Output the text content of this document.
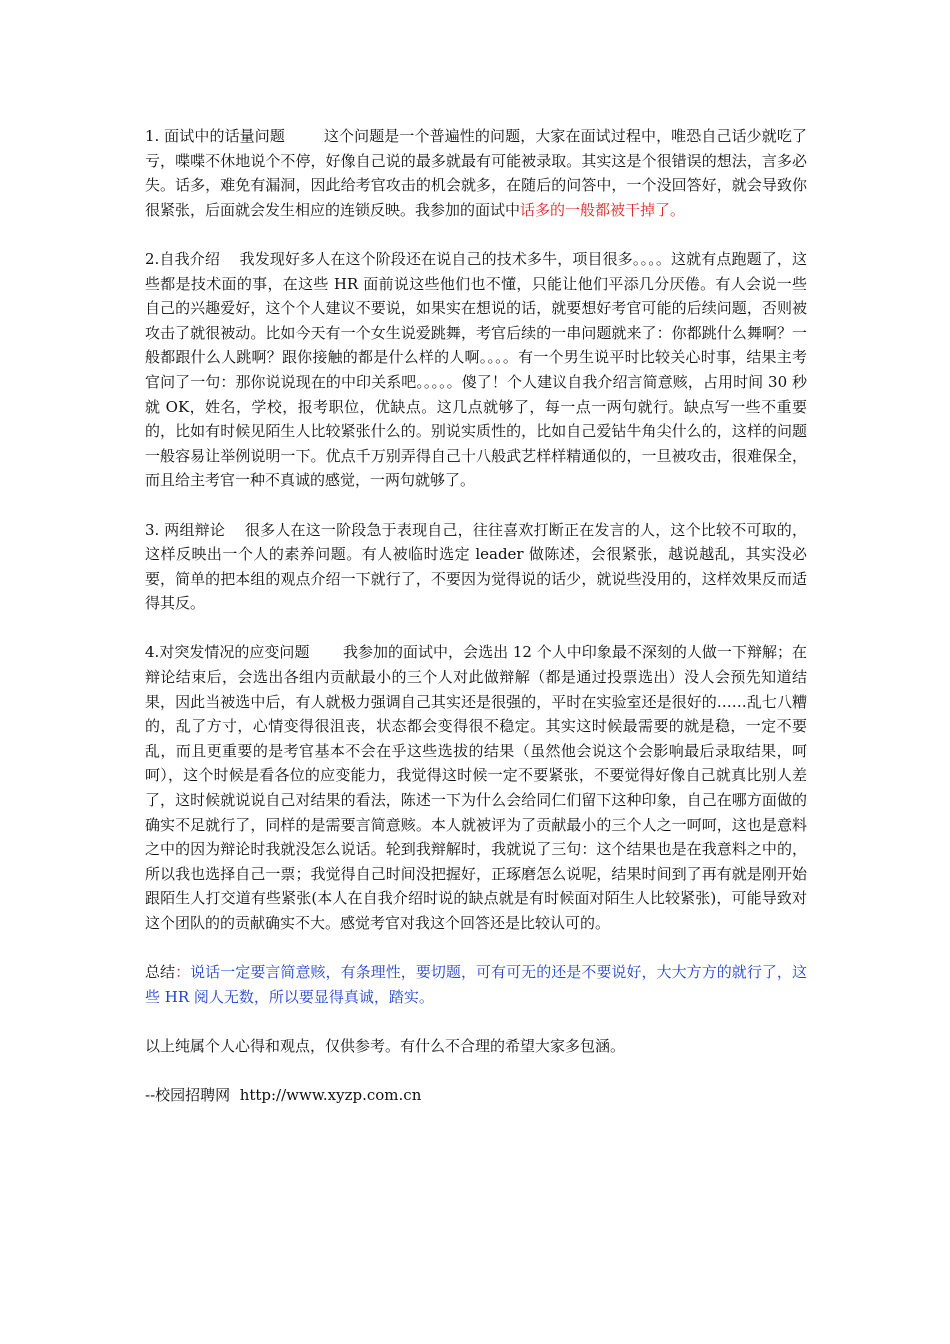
1. 面试中的话量问题	这个问题是一个普遍性的问题，大家在面试过程中，唯恐自己话少就吃了亏，喋喋不休地说个不停，好像自己说的最多就最有可能被录取。其实这是个很错误的想法，言多必失。话多，难免有漏洞，因此给考官攻击的机会就多，在随后的问答中，一个没回答好，就会导致你很紧张，后面就会发生相应的连锁反映。我参加的面试中话多的一般都被干掉了。

2.自我介绍 我发现好多人在这个阶段还在说自己的技术多牛，项目很多。。。。这就有点跑题了，这些都是技术面的事，在这些 HR 面前说这些他们也不懂，只能让他们平添几分厌倦。有人会说一些自己的兴趣爱好，这个个人建议不要说，如果实在想说的话，就要想好考官可能的后续问题，否则被攻击了就很被动。比如今天有一个女生说爱跳舞，考官后续的一串问题就来了：你都跳什么舞啊？一般都跟什么人跳啊？跟你接触的都是什么样的人啊。。。。有一个男生说平时比较关心时事，结果主考官问了一句：那你说说现在的中印关系吧。。。。。傻了！个人建议自我介绍言简意赅，占用时间 30 秒就 OK，姓名，学校，报考职位，优缺点。这几点就够了，每一点一两句就行。缺点写一些不重要的，比如有时候见陌生人比较紧张什么的。别说实质性的，比如自己爱钻牛角尖什么的，这样的问题一般容易让举例说明一下。优点千万别弄得自己十八般武艺样样精通似的，一旦被攻击，很难保全，而且给主考官一种不真诚的感觉，一两句就够了。

3. 两组辩论 很多人在这一阶段急于表现自己，往往喜欢打断正在发言的人，这个比较不可取的，这样反映出一个人的素养问题。有人被临时选定 leader 做陈述，会很紧张，越说越乱，其实没必要，简单的把本组的观点介绍一下就行了，不要因为觉得说的话少，就说些没用的，这样效果反而适得其反。

4.对突发情况的应变问题 我参加的面试中，会选出 12 个人中印象最不深刻的人做一下辩解；在辩论结束后，会选出各组内贡献最小的三个人对此做辩解（都是通过投票选出）没人会预先知道结果，因此当被选中后，有人就极力强调自己其实还是很强的，平时在实验室还是很好的……乱七八糟的，乱了方寸，心情变得很沮丧，状态都会变得很不稳定。其实这时候最需要的就是稳，一定不要乱，而且更重要的是考官基本不会在乎这些选拔的结果（虽然他会说这个会影响最后录取结果，呵呵），这个时候是看各位的应变能力，我觉得这时候一定不要紧张，不要觉得好像自己就真比别人差了，这时候就说说自己对结果的看法，陈述一下为什么会给同仁们留下这种印象，自己在哪方面做的确实不足就行了，同样的是需要言简意赅。本人就被评为了贡献最小的三个人之一呵呵，这也是意料之中的因为辩论时我就没怎么说话。轮到我辩解时，我就说了三句：这个结果也是在我意料之中的，所以我也选择自己一票；我觉得自己时间没把握好，正琢磨怎么说呢，结果时间到了再有就是刚开始跟陌生人打交道有些紧张(本人在自我介绍时说的缺点就是有时候面对陌生人比较紧张)，可能导致对这个团队的的贡献确实不大。感觉考官对我这个回答还是比较认可的。

总结：说话一定要言简意赅，有条理性，要切题，可有可无的还是不要说好，大大方方的就行了，这些 HR 阅人无数，所以要显得真诚，踏实。

以上纯属个人心得和观点，仅供参考。有什么不合理的希望大家多包涵。

--校园招聘网 http://www.xyzp.com.cn
